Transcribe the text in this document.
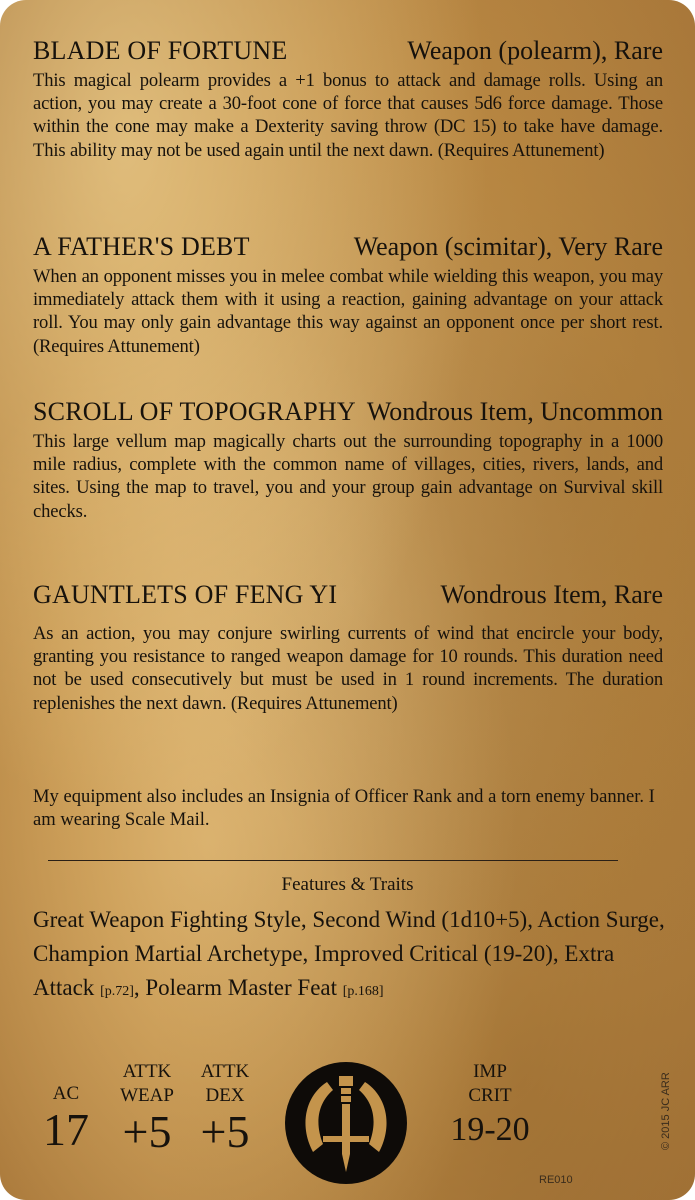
BLADE OF FORTUNE	Weapon (polearm), Rare
This magical polearm provides a +1 bonus to attack and damage rolls. Using an action, you may create a 30-foot cone of force that causes 5d6 force damage. Those within the cone may make a Dexterity saving throw (DC 15) to take have damage. This ability may not be used again until the next dawn. (Requires Attunement)
A FATHER'S DEBT	Weapon (scimitar), Very Rare
When an opponent misses you in melee combat while wielding this weapon, you may immediately attack them with it using a reaction, gaining advantage on your attack roll. You may only gain advantage this way against an opponent once per short rest. (Requires Attunement)
SCROLL OF TOPOGRAPHY Wondrous Item, Uncommon
This large vellum map magically charts out the surrounding topography in a 1000 mile radius, complete with the common name of villages, cities, rivers, lands, and sites. Using the map to travel, you and your group gain advantage on Survival skill checks.
GAUNTLETS OF FENG YI	Wondrous Item, Rare
As an action, you may conjure swirling currents of wind that encircle your body, granting you resistance to ranged weapon damage for 10 rounds. This duration need not be used consecutively but must be used in 1 round increments. The duration replenishes the next dawn. (Requires Attunement)
My equipment also includes an Insignia of Officer Rank and a torn enemy banner. I am wearing Scale Mail.
Features & Traits
Great Weapon Fighting Style, Second Wind (1d10+5), Action Surge, Champion Martial Archetype, Improved Critical (19-20), Extra Attack [p.72], Polearm Master Feat [p.168]
AC
17
ATTK
WEAP
+5
ATTK
DEX
+5
IMP
CRIT
19-20	© 2015 JC ARR
RE010
